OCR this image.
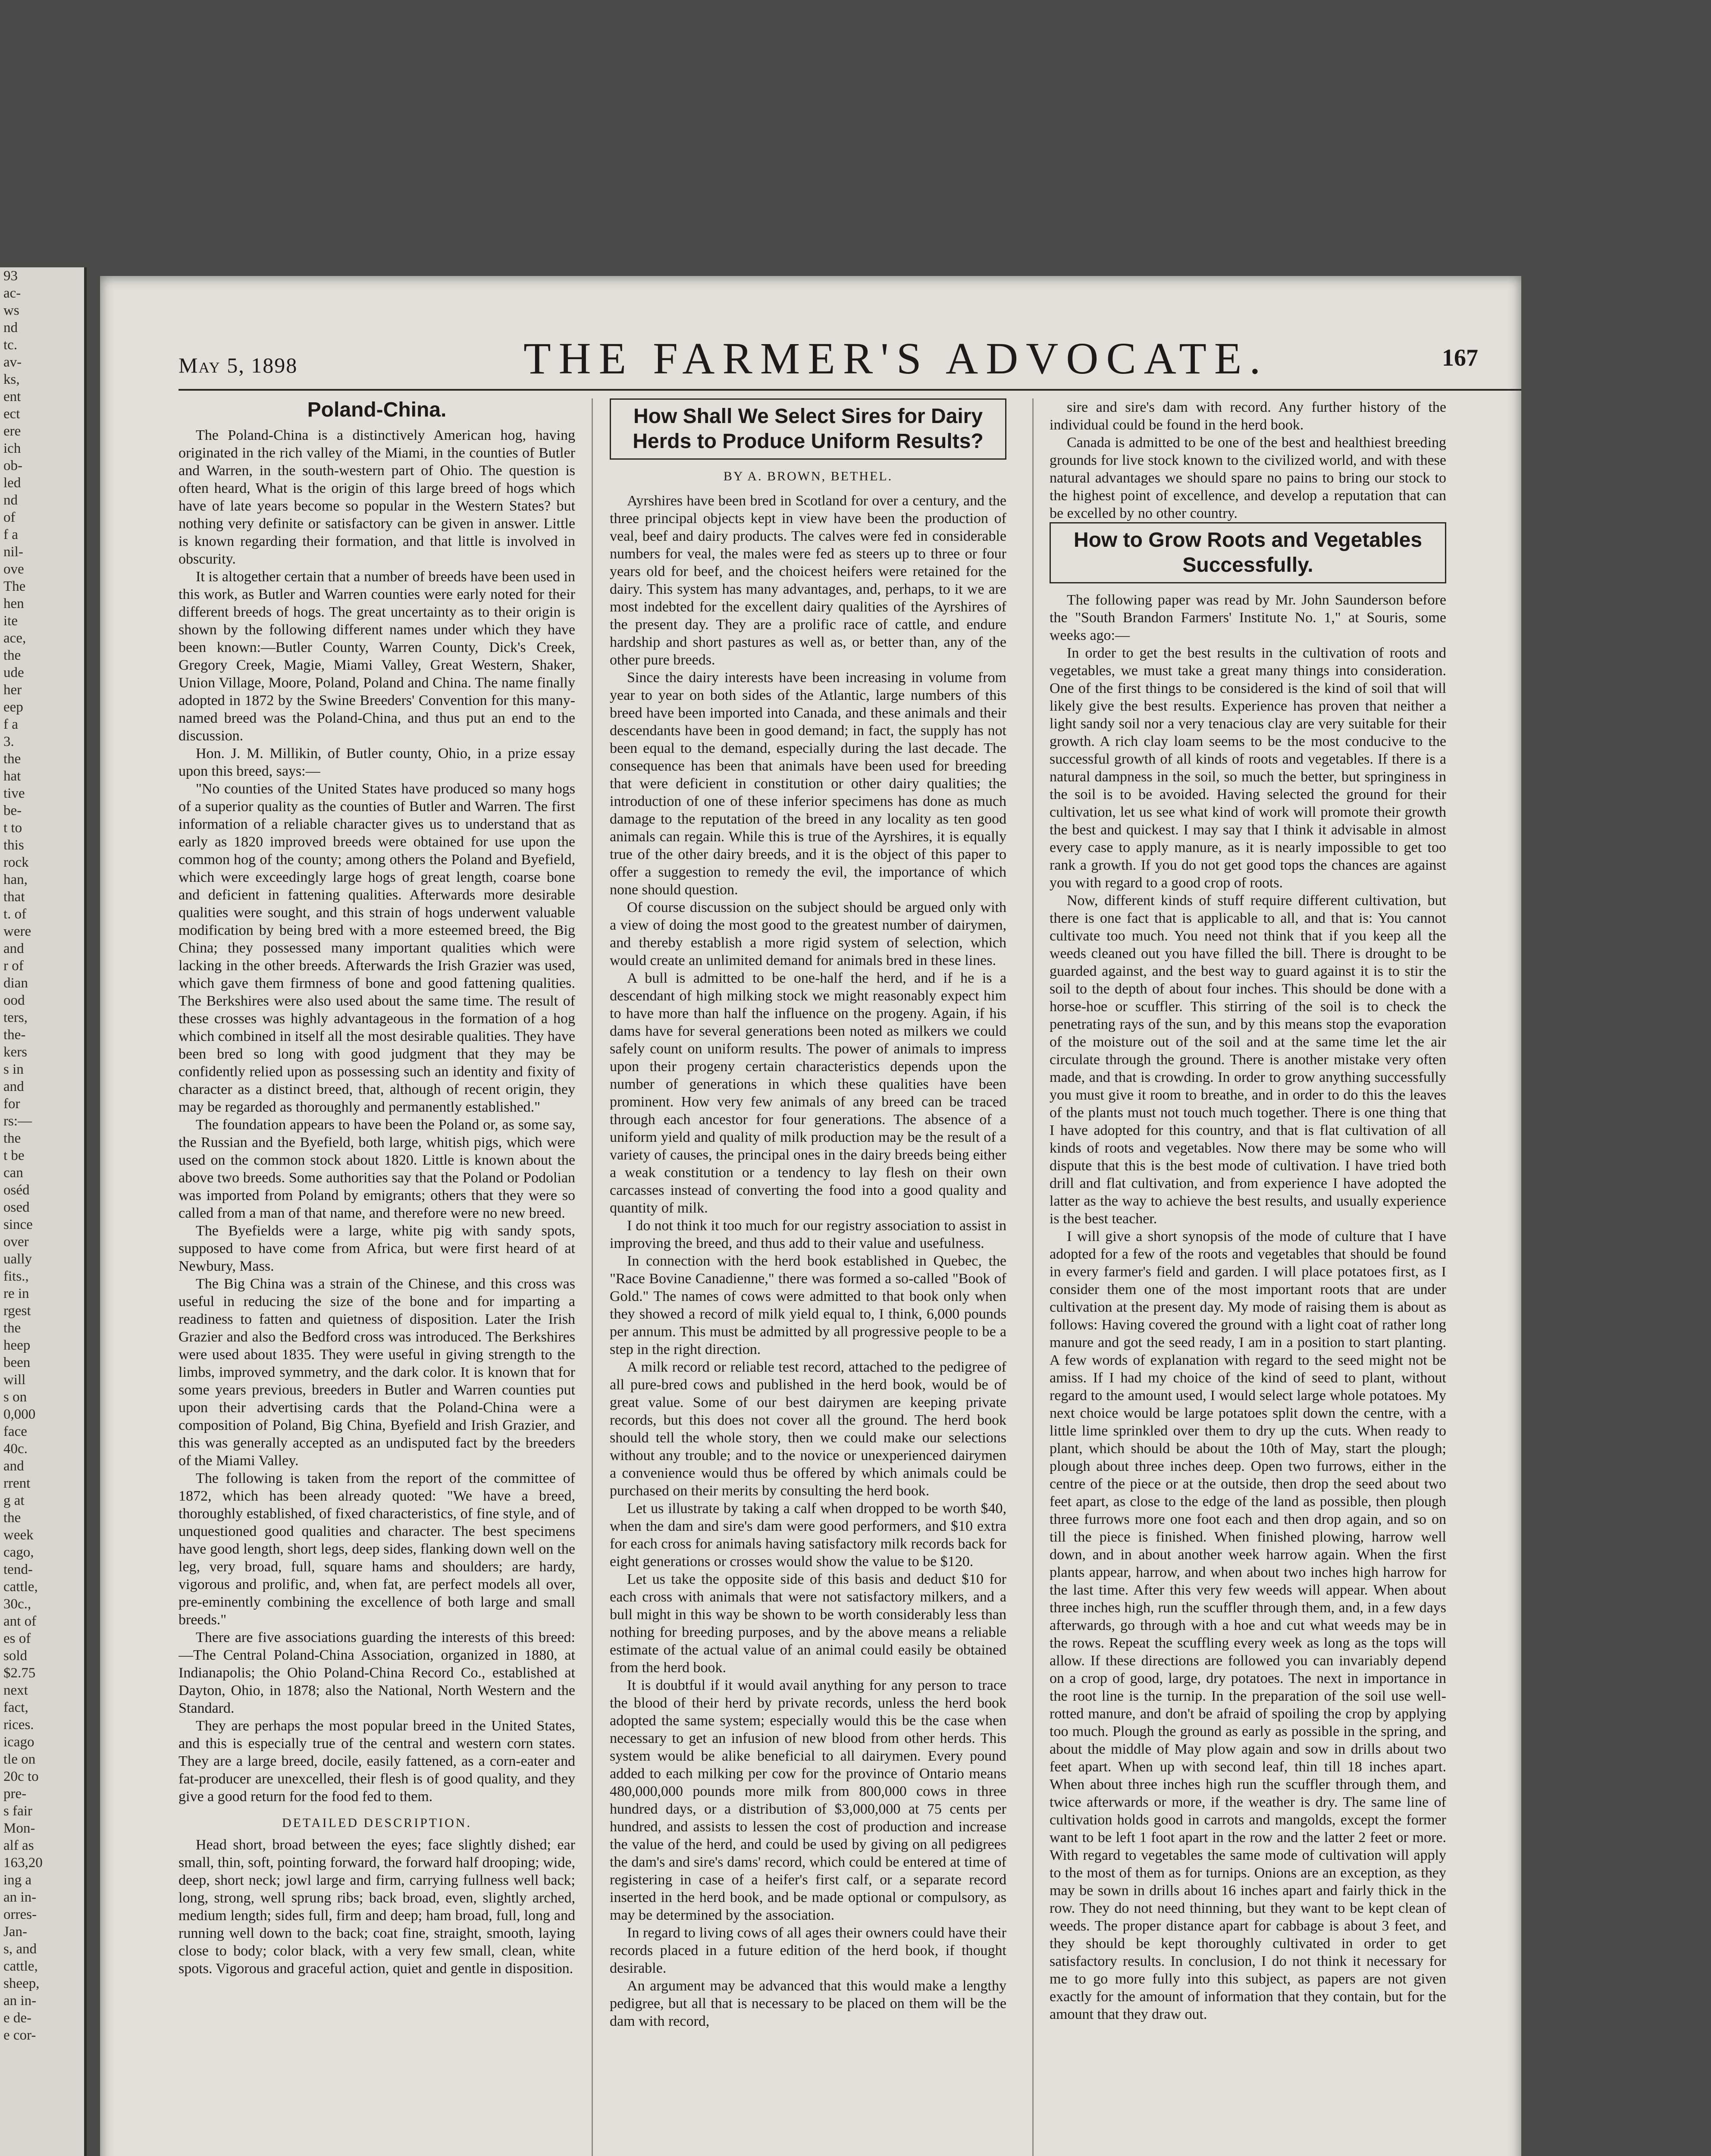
93
ac-
ws
nd
tc.
av-
ks,
ent
ect
ere
ich
ob-
led
nd
of
f a
nil-
ove
The
hen
ite
ace,
the
ude
her
eep
f a
3.
the
hat
tive
be-
t to
this
rock
han,
that
t. of
were
and
r of
dian
ood
ters,
the-
kers
s in
and
for
rs:—
the
t be
can
oséd
osed
since
over
ually
fits.,
re in
rgest
the
heep
been
will
s on
0,000
face
40c.
and
rrent
g at
the
week
cago,
tend-
cattle,
30c.,
ant of
es of
sold
$2.75
next
fact,
rices.
icago
tle on
20c to
pre-
s fair
Mon-
alf as
163,20
ing a
an in-
orres-
Jan-
s, and
cattle,
sheep,
an in-
e de-
e cor-
May 5, 1898	THE FARMER'S ADVOCATE.	167
Poland-China.

The Poland-China is a distinctively American hog, having originated in the rich valley of the Miami, in the counties of Butler and Warren, in the south-western part of Ohio. The question is often heard, What is the origin of this large breed of hogs which have of late years become so popular in the Western States? but nothing very definite or satisfactory can be given in answer. Little is known regarding their formation, and that little is involved in obscurity.

It is altogether certain that a number of breeds have been used in this work, as Butler and Warren counties were early noted for their different breeds of hogs. The great uncertainty as to their origin is shown by the following different names under which they have been known:—Butler County, Warren County, Dick's Creek, Gregory Creek, Magie, Miami Valley, Great Western, Shaker, Union Village, Moore, Poland, Poland and China. The name finally adopted in 1872 by the Swine Breeders' Convention for this many-named breed was the Poland-China, and thus put an end to the discussion.

Hon. J. M. Millikin, of Butler county, Ohio, in a prize essay upon this breed, says:—

"No counties of the United States have produced so many hogs of a superior quality as the counties of Butler and Warren. The first information of a reliable character gives us to understand that as early as 1820 improved breeds were obtained for use upon the common hog of the county; among others the Poland and Byefield, which were exceedingly large hogs of great length, coarse bone and deficient in fattening qualities. Afterwards more desirable qualities were sought, and this strain of hogs underwent valuable modification by being bred with a more esteemed breed, the Big China; they possessed many important qualities which were lacking in the other breeds. Afterwards the Irish Grazier was used, which gave them firmness of bone and good fattening qualities. The Berkshires were also used about the same time. The result of these crosses was highly advantageous in the formation of a hog which combined in itself all the most desirable qualities. They have been bred so long with good judgment that they may be confidently relied upon as possessing such an identity and fixity of character as a distinct breed, that, although of recent origin, they may be regarded as thoroughly and permanently established."

The foundation appears to have been the Poland or, as some say, the Russian and the Byefield, both large, whitish pigs, which were used on the common stock about 1820. Little is known about the above two breeds. Some authorities say that the Poland or Podolian was imported from Poland by emigrants; others that they were so called from a man of that name, and therefore were no new breed.

The Byefields were a large, white pig with sandy spots, supposed to have come from Africa, but were first heard of at Newbury, Mass.

The Big China was a strain of the Chinese, and this cross was useful in reducing the size of the bone and for imparting a readiness to fatten and quietness of disposition. Later the Irish Grazier and also the Bedford cross was introduced. The Berkshires were used about 1835. They were useful in giving strength to the limbs, improved symmetry, and the dark color. It is known that for some years previous, breeders in Butler and Warren counties put upon their advertising cards that the Poland-China were a composition of Poland, Big China, Byefield and Irish Grazier, and this was generally accepted as an undisputed fact by the breeders of the Miami Valley.

The following is taken from the report of the committee of 1872, which has been already quoted: "We have a breed, thoroughly established, of fixed characteristics, of fine style, and of unquestioned good qualities and character. The best specimens have good length, short legs, deep sides, flanking down well on the leg, very broad, full, square hams and shoulders; are hardy, vigorous and prolific, and, when fat, are perfect models all over, pre-eminently combining the excellence of both large and small breeds."

There are five associations guarding the interests of this breed:—The Central Poland-China Association, organized in 1880, at Indianapolis; the Ohio Poland-China Record Co., established at Dayton, Ohio, in 1878; also the National, North Western and the Standard.

They are perhaps the most popular breed in the United States, and this is especially true of the central and western corn states. They are a large breed, docile, easily fattened, as a corn-eater and fat-producer are unexcelled, their flesh is of good quality, and they give a good return for the food fed to them.

DETAILED DESCRIPTION.

Head short, broad between the eyes; face slightly dished; ear small, thin, soft, pointing forward, the forward half drooping; wide, deep, short neck; jowl large and firm, carrying fullness well back; long, strong, well sprung ribs; back broad, even, slightly arched, medium length; sides full, firm and deep; ham broad, full, long and running well down to the back; coat fine, straight, smooth, laying close to body; color black, with a very few small, clean, white spots. Vigorous and graceful action, quiet and gentle in disposition.

How Shall We Select Sires for Dairy Herds to Produce Uniform Results?
BY A. BROWN, BETHEL.

Ayrshires have been bred in Scotland for over a century, and the three principal objects kept in view have been the production of veal, beef and dairy products. The calves were fed in considerable numbers for veal, the males were fed as steers up to three or four years old for beef, and the choicest heifers were retained for the dairy. This system has many advantages, and, perhaps, to it we are most indebted for the excellent dairy qualities of the Ayrshires of the present day. They are a prolific race of cattle, and endure hardship and short pastures as well as, or better than, any of the other pure breeds.

Since the dairy interests have been increasing in volume from year to year on both sides of the Atlantic, large numbers of this breed have been imported into Canada, and these animals and their descendants have been in good demand; in fact, the supply has not been equal to the demand, especially during the last decade. The consequence has been that animals have been used for breeding that were deficient in constitution or other dairy qualities; the introduction of one of these inferior specimens has done as much damage to the reputation of the breed in any locality as ten good animals can regain. While this is true of the Ayrshires, it is equally true of the other dairy breeds, and it is the object of this paper to offer a suggestion to remedy the evil, the importance of which none should question.

Of course discussion on the subject should be argued only with a view of doing the most good to the greatest number of dairymen, and thereby establish a more rigid system of selection, which would create an unlimited demand for animals bred in these lines.

A bull is admitted to be one-half the herd, and if he is a descendant of high milking stock we might reasonably expect him to have more than half the influence on the progeny. Again, if his dams have for several generations been noted as milkers we could safely count on uniform results. The power of animals to impress upon their progeny certain characteristics depends upon the number of generations in which these qualities have been prominent. How very few animals of any breed can be traced through each ancestor for four generations. The absence of a uniform yield and quality of milk production may be the result of a variety of causes, the principal ones in the dairy breeds being either a weak constitution or a tendency to lay flesh on their own carcasses instead of converting the food into a good quality and quantity of milk.

I do not think it too much for our registry association to assist in improving the breed, and thus add to their value and usefulness.

In connection with the herd book established in Quebec, the "Race Bovine Canadienne," there was formed a so-called "Book of Gold." The names of cows were admitted to that book only when they showed a record of milk yield equal to, I think, 6,000 pounds per annum. This must be admitted by all progressive people to be a step in the right direction.

A milk record or reliable test record, attached to the pedigree of all pure-bred cows and published in the herd book, would be of great value. Some of our best dairymen are keeping private records, but this does not cover all the ground. The herd book should tell the whole story, then we could make our selections without any trouble; and to the novice or unexperienced dairymen a convenience would thus be offered by which animals could be purchased on their merits by consulting the herd book.

Let us illustrate by taking a calf when dropped to be worth $40, when the dam and sire's dam were good performers, and $10 extra for each cross for animals having satisfactory milk records back for eight generations or crosses would show the value to be $120.

Let us take the opposite side of this basis and deduct $10 for each cross with animals that were not satisfactory milkers, and a bull might in this way be shown to be worth considerably less than nothing for breeding purposes, and by the above means a reliable estimate of the actual value of an animal could easily be obtained from the herd book.

It is doubtful if it would avail anything for any person to trace the blood of their herd by private records, unless the herd book adopted the same system; especially would this be the case when necessary to get an infusion of new blood from other herds. This system would be alike beneficial to all dairymen. Every pound added to each milking per cow for the province of Ontario means 480,000,000 pounds more milk from 800,000 cows in three hundred days, or a distribution of $3,000,000 at 75 cents per hundred, and assists to lessen the cost of production and increase the value of the herd, and could be used by giving on all pedigrees the dam's and sire's dams' record, which could be entered at time of registering in case of a heifer's first calf, or a separate record inserted in the herd book, and be made optional or compulsory, as may be determined by the association.

In regard to living cows of all ages their owners could have their records placed in a future edition of the herd book, if thought desirable.

An argument may be advanced that this would make a lengthy pedigree, but all that is necessary to be placed on them will be the dam with record,

sire and sire's dam with record. Any further history of the individual could be found in the herd book.

Canada is admitted to be one of the best and healthiest breeding grounds for live stock known to the civilized world, and with these natural advantages we should spare no pains to bring our stock to the highest point of excellence, and develop a reputation that can be excelled by no other country.

How to Grow Roots and Vegetables Successfully.

The following paper was read by Mr. John Saunderson before the "South Brandon Farmers' Institute No. 1," at Souris, some weeks ago:—

In order to get the best results in the cultivation of roots and vegetables, we must take a great many things into consideration. One of the first things to be considered is the kind of soil that will likely give the best results. Experience has proven that neither a light sandy soil nor a very tenacious clay are very suitable for their growth. A rich clay loam seems to be the most conducive to the successful growth of all kinds of roots and vegetables. If there is a natural dampness in the soil, so much the better, but springiness in the soil is to be avoided. Having selected the ground for their cultivation, let us see what kind of work will promote their growth the best and quickest. I may say that I think it advisable in almost every case to apply manure, as it is nearly impossible to get too rank a growth. If you do not get good tops the chances are against you with regard to a good crop of roots.

Now, different kinds of stuff require different cultivation, but there is one fact that is applicable to all, and that is: You cannot cultivate too much. You need not think that if you keep all the weeds cleaned out you have filled the bill. There is drought to be guarded against, and the best way to guard against it is to stir the soil to the depth of about four inches. This should be done with a horse-hoe or scuffler. This stirring of the soil is to check the penetrating rays of the sun, and by this means stop the evaporation of the moisture out of the soil and at the same time let the air circulate through the ground. There is another mistake very often made, and that is crowding. In order to grow anything successfully you must give it room to breathe, and in order to do this the leaves of the plants must not touch much together. There is one thing that I have adopted for this country, and that is flat cultivation of all kinds of roots and vegetables. Now there may be some who will dispute that this is the best mode of cultivation. I have tried both drill and flat cultivation, and from experience I have adopted the latter as the way to achieve the best results, and usually experience is the best teacher.

I will give a short synopsis of the mode of culture that I have adopted for a few of the roots and vegetables that should be found in every farmer's field and garden. I will place potatoes first, as I consider them one of the most important roots that are under cultivation at the present day. My mode of raising them is about as follows: Having covered the ground with a light coat of rather long manure and got the seed ready, I am in a position to start planting. A few words of explanation with regard to the seed might not be amiss. If I had my choice of the kind of seed to plant, without regard to the amount used, I would select large whole potatoes. My next choice would be large potatoes split down the centre, with a little lime sprinkled over them to dry up the cuts. When ready to plant, which should be about the 10th of May, start the plough; plough about three inches deep. Open two furrows, either in the centre of the piece or at the outside, then drop the seed about two feet apart, as close to the edge of the land as possible, then plough three furrows more one foot each and then drop again, and so on till the piece is finished. When finished plowing, harrow well down, and in about another week harrow again. When the first plants appear, harrow, and when about two inches high harrow for the last time. After this very few weeds will appear. When about three inches high, run the scuffler through them, and, in a few days afterwards, go through with a hoe and cut what weeds may be in the rows. Repeat the scuffling every week as long as the tops will allow. If these directions are followed you can invariably depend on a crop of good, large, dry potatoes. The next in importance in the root line is the turnip. In the preparation of the soil use well-rotted manure, and don't be afraid of spoiling the crop by applying too much. Plough the ground as early as possible in the spring, and about the middle of May plow again and sow in drills about two feet apart. When up with second leaf, thin till 18 inches apart. When about three inches high run the scuffler through them, and twice afterwards or more, if the weather is dry. The same line of cultivation holds good in carrots and mangolds, except the former want to be left 1 foot apart in the row and the latter 2 feet or more. With regard to vegetables the same mode of cultivation will apply to the most of them as for turnips. Onions are an exception, as they may be sown in drills about 16 inches apart and fairly thick in the row. They do not need thinning, but they want to be kept clean of weeds. The proper distance apart for cabbage is about 3 feet, and they should be kept thoroughly cultivated in order to get satisfactory results. In conclusion, I do not think it necessary for me to go more fully into this subject, as papers are not given exactly for the amount of information that they contain, but for the amount that they draw out.
